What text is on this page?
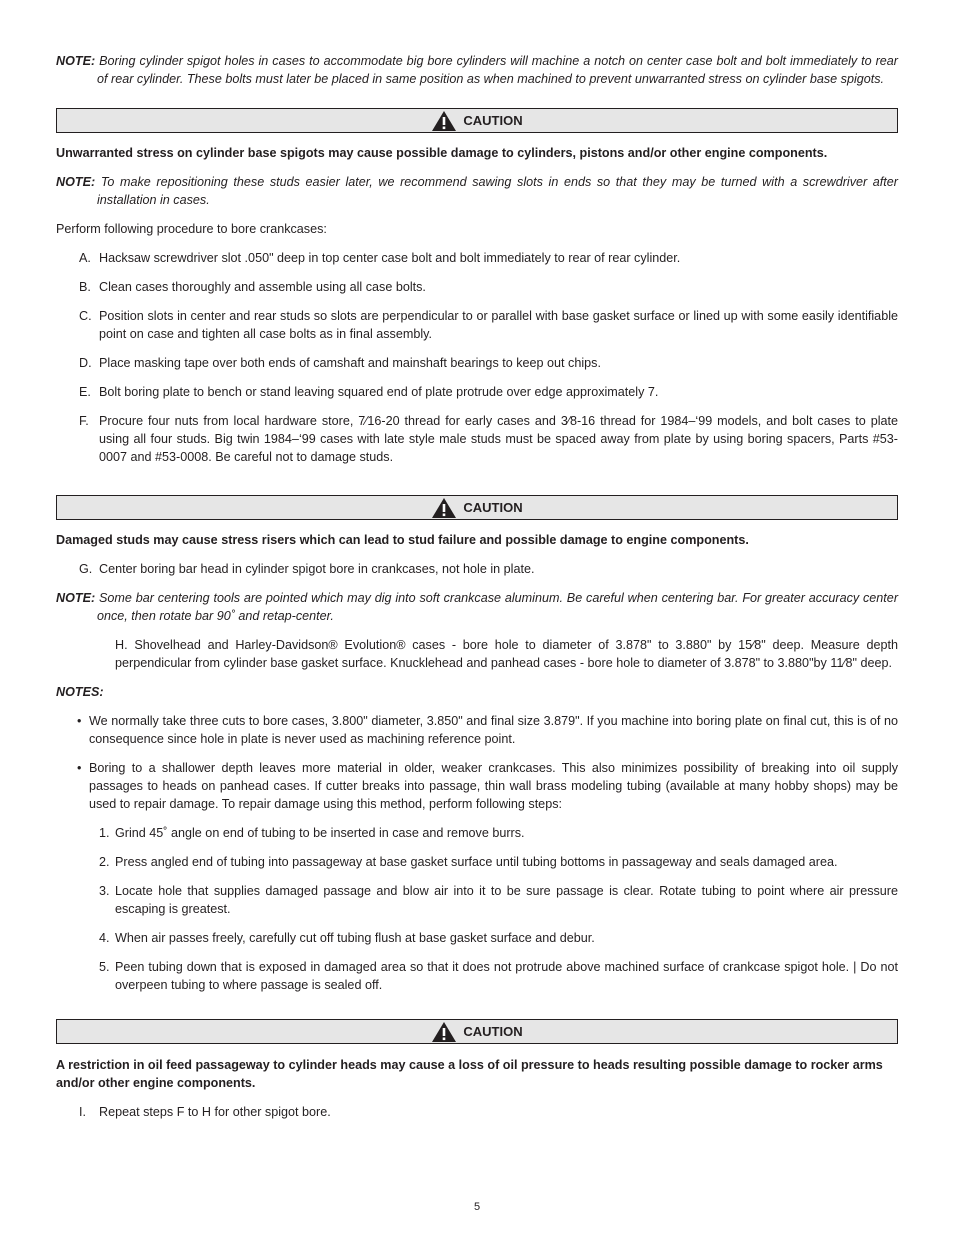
NOTE: Boring cylinder spigot holes in cases to accommodate big bore cylinders will machine a notch on center case bolt and bolt immediately to rear of rear cylinder. These bolts must later be placed in same position as when machined to prevent unwarranted stress on cylinder base spigots.

CAUTION

Unwarranted stress on cylinder base spigots may cause possible damage to cylinders, pistons and/or other engine components.

NOTE: To make repositioning these studs easier later, we recommend sawing slots in ends so that they may be turned with a screwdriver after installation in cases.

Perform following procedure to bore crankcases:

A. Hacksaw screwdriver slot .050" deep in top center case bolt and bolt immediately to rear of rear cylinder.
B. Clean cases thoroughly and assemble using all case bolts.
C. Position slots in center and rear studs so slots are perpendicular to or parallel with base gasket surface or lined up with some easily identifiable point on case and tighten all case bolts as in final assembly.
D. Place masking tape over both ends of camshaft and mainshaft bearings to keep out chips.
E. Bolt boring plate to bench or stand leaving squared end of plate protrude over edge approximately 7.
F. Procure four nuts from local hardware store, 7⁄16-20 thread for early cases and 3⁄8-16 thread for 1984–‘99 models, and bolt cases to plate using all four studs. Big twin 1984–‘99 cases with late style male studs must be spaced away from plate by using boring spacers, Parts #53-0007 and #53-0008. Be careful not to damage studs.
CAUTION

Damaged studs may cause stress risers which can lead to stud failure and possible damage to engine components.

G. Center boring bar head in cylinder spigot bore in crankcases, not hole in plate.

NOTE: Some bar centering tools are pointed which may dig into soft crankcase aluminum. Be careful when centering bar. For greater accuracy center once, then rotate bar 90˚ and retap-center.

H. Shovelhead and Harley-Davidson® Evolution® cases - bore hole to diameter of 3.878" to 3.880" by 15⁄8" deep. Measure depth perpendicular from cylinder base gasket surface. Knucklehead and panhead cases - bore hole to diameter of 3.878" to 3.880"by 11⁄8" deep.

NOTES:

• We normally take three cuts to bore cases, 3.800" diameter, 3.850" and final size 3.879". If you machine into boring plate on final cut, this is of no consequence since hole in plate is never used as machining reference point.
• Boring to a shallower depth leaves more material in older, weaker crankcases. This also minimizes possibility of breaking into oil supply passages to heads on panhead cases. If cutter breaks into passage, thin wall brass modeling tubing (available at many hobby shops) may be used to repair damage. To repair damage using this method, perform following steps:
1. Grind 45˚ angle on end of tubing to be inserted in case and remove burrs.
2. Press angled end of tubing into passageway at base gasket surface until tubing bottoms in passageway and seals damaged area.
3. Locate hole that supplies damaged passage and blow air into it to be sure passage is clear. Rotate tubing to point where air pressure escaping is greatest.
4. When air passes freely, carefully cut off tubing flush at base gasket surface and debur.
5. Peen tubing down that is exposed in damaged area so that it does not protrude above machined surface of crankcase spigot hole. | Do not overpeen tubing to where passage is sealed off.
CAUTION

A restriction in oil feed passageway to cylinder heads may cause a loss of oil pressure to heads resulting possible damage to rocker arms and/or other engine components.

I.	Repeat steps F to H for other spigot bore.
5
